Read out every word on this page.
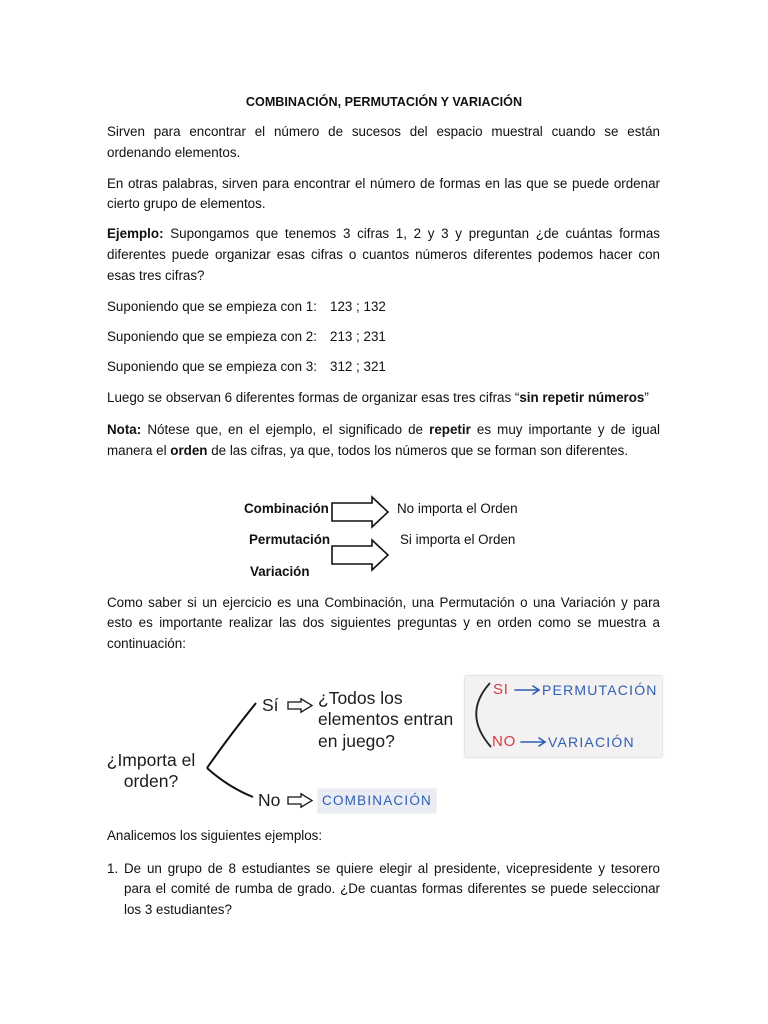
COMBINACIÓN, PERMUTACIÓN Y VARIACIÓN
Sirven para encontrar el número de sucesos del espacio muestral cuando se están
ordenando elementos.
En otras palabras, sirven para encontrar el número de formas en las que se puede ordenar
cierto grupo de elementos.
Ejemplo: Supongamos que tenemos 3 cifras 1, 2 y 3 y preguntan ¿de cuántas formas
diferentes puede organizar esas cifras o cuantos números diferentes podemos hacer con
esas tres cifras?
Suponiendo que se empieza con 1: 123 ; 132
Suponiendo que se empieza con 2: 213 ; 231
Suponiendo que se empieza con 3: 312 ; 321
Luego se observan 6 diferentes formas de organizar esas tres cifras “sin repetir números”
Nota: Nótese que, en el ejemplo, el significado de repetir es muy importante y de igual
manera el orden de las cifras, ya que, todos los números que se forman son diferentes.
Combinación	No importa el Orden
Permutación	Si importa el Orden
Variación
Como saber si un ejercicio es una Combinación, una Permutación o una Variación y para
esto es importante realizar las dos siguientes preguntas y en orden como se muestra a
continuación:
¿Importa el
orden?
Sí ¿Todos los
elementos entran
en juego?
No	COMBINACIÓN
SI PERMUTACIÓN
NO VARIACIÓN
Analicemos los siguientes ejemplos:
1. De un grupo de 8 estudiantes se quiere elegir al presidente, vicepresidente y tesorero
para el comité de rumba de grado. ¿De cuantas formas diferentes se puede seleccionar
los 3 estudiantes?
